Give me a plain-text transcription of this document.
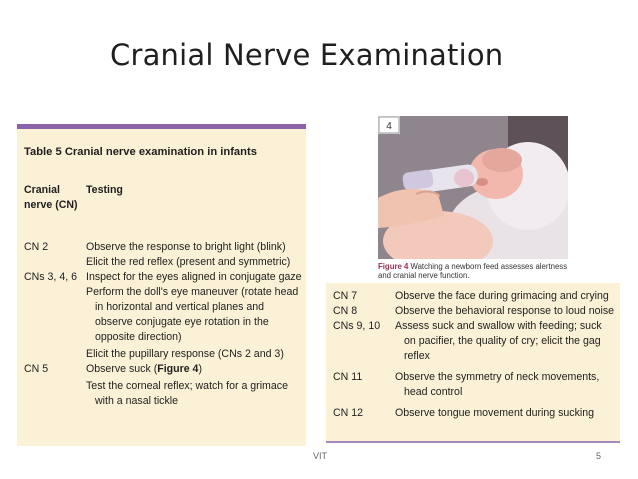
Cranial Nerve Examination
Table 5 Cranial nerve examination in infants
Cranial nerve (CN)
Testing
CN 2	Observe the response to bright light (blink)
Elicit the red reflex (present and symmetric)
CNs 3, 4, 6 Inspect for the eyes aligned in conjugate gaze
Perform the doll's eye maneuver (rotate head in horizontal and vertical planes and observe conjugate eye rotation in the opposite direction)
Elicit the pupillary response (CNs 2 and 3)
CN 5	Observe suck (Figure 4)
Test the corneal reflex; watch for a grimace with a nasal tickle
4
Figure 4 Watching a newborn feed assesses alertness and cranial nerve function.
CN 7	Observe the face during grimacing and crying
CN 8	Observe the behavioral response to loud noise
CNs 9, 10	Assess suck and swallow with feeding; suck on pacifier, the quality of cry; elicit the gag reflex
CN 11	Observe the symmetry of neck movements, head control
CN 12	Observe tongue movement during sucking
VIT	5
